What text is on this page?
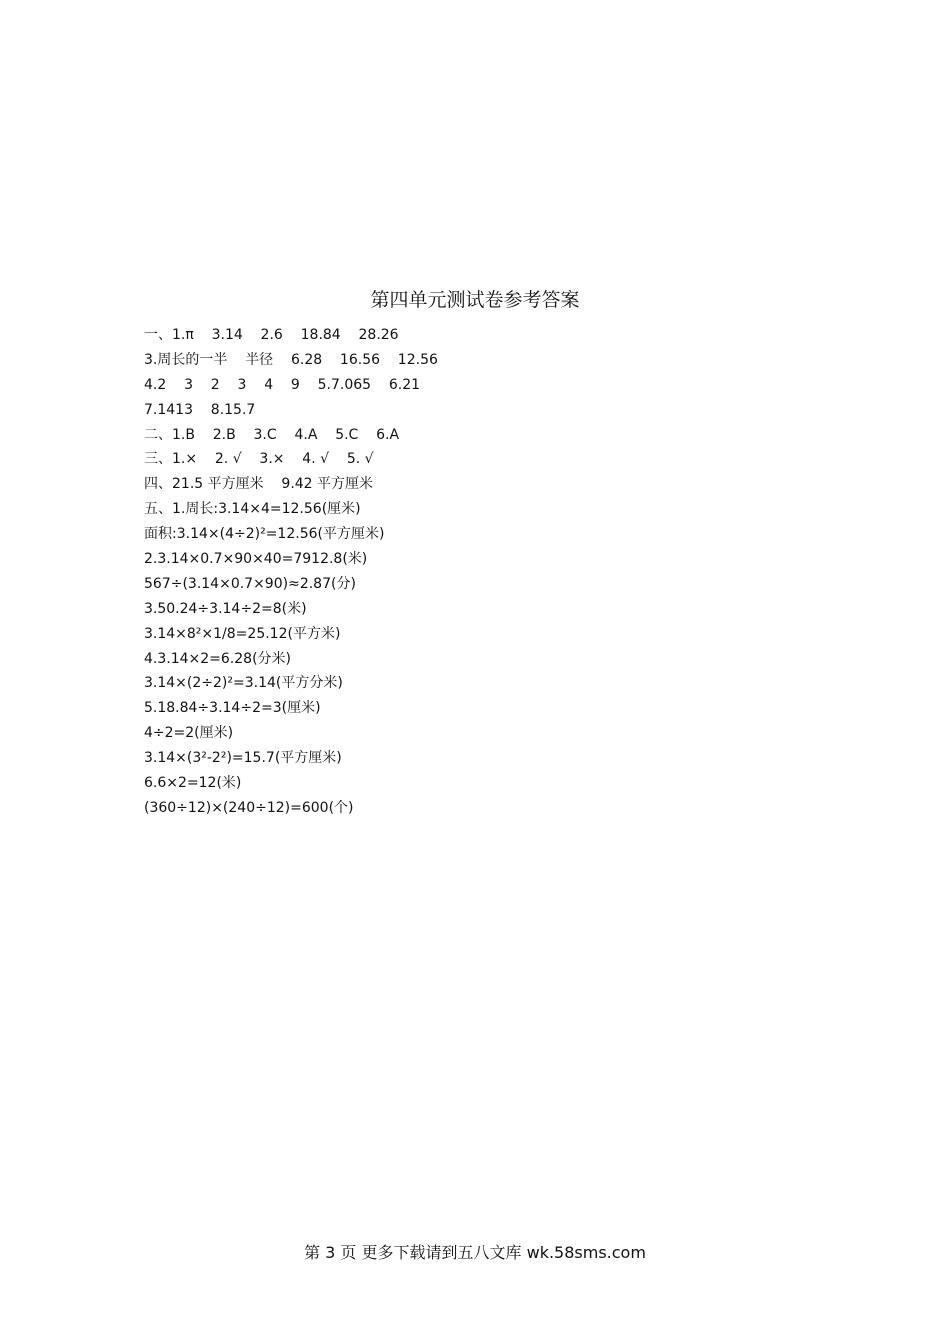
第四单元测试卷参考答案
一、1.π    3.14    2.6    18.84    28.26
3.周长的一半    半径    6.28    16.56    12.56
4.2    3    2    3    4    9    5.7.065    6.21
7.1413    8.15.7
二、1.B    2.B    3.C    4.A    5.C    6.A
三、1.×    2. √    3.×    4. √    5. √
四、21.5 平方厘米    9.42 平方厘米
五、1.周长:3.14×4=12.56(厘米)
面积:3.14×(4÷2)²=12.56(平方厘米)
2.3.14×0.7×90×40=7912.8(米)
567÷(3.14×0.7×90)≈2.87(分)
3.50.24÷3.14÷2=8(米)
3.14×8²×1/8=25.12(平方米)
4.3.14×2=6.28(分米)
3.14×(2÷2)²=3.14(平方分米)
5.18.84÷3.14÷2=3(厘米)
4÷2=2(厘米)
3.14×(3²-2²)=15.7(平方厘米)
6.6×2=12(米)
(360÷12)×(240÷12)=600(个)
第 3 页 更多下载请到五八文库 wk.58sms.com
